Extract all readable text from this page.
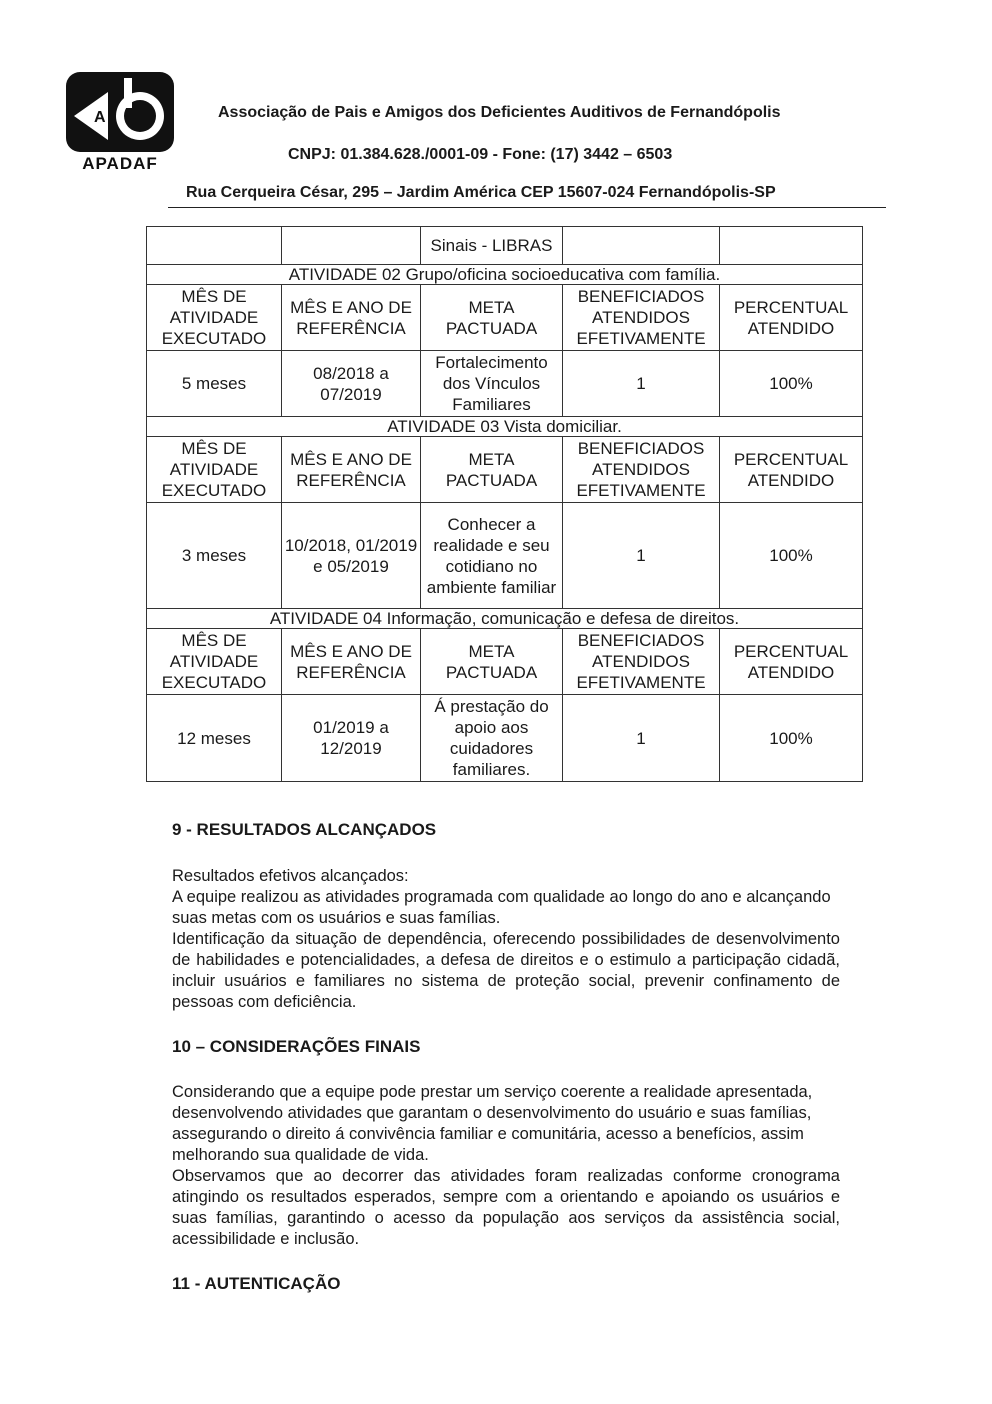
A
APADAF
Associação de Pais e Amigos dos Deficientes Auditivos de Fernandópolis
CNPJ: 01.384.628./0001-09 - Fone: (17) 3442 – 6503
Rua Cerqueira César, 295 – Jardim América CEP 15607-024 Fernandópolis-SP
		Sinais - LIBRAS		
ATIVIDADE 02 Grupo/oficina socioeducativa com família.				
MÊS DE ATIVIDADE EXECUTADO	MÊS E ANO DE REFERÊNCIA	META PACTUADA	BENEFICIADOS ATENDIDOS EFETIVAMENTE	PERCENTUAL ATENDIDO
5 meses	08/2018 a 07/2019	Fortalecimento dos Vínculos Familiares	1	100%
ATIVIDADE 03 Vista domiciliar.				
MÊS DE ATIVIDADE EXECUTADO	MÊS E ANO DE REFERÊNCIA	META PACTUADA	BENEFICIADOS ATENDIDOS EFETIVAMENTE	PERCENTUAL ATENDIDO
3 meses	10/2018, 01/2019 e 05/2019	Conhecer a realidade e seu cotidiano no ambiente familiar	1	100%
ATIVIDADE 04 Informação, comunicação e defesa de direitos.				
MÊS DE ATIVIDADE EXECUTADO	MÊS E ANO DE REFERÊNCIA	META PACTUADA	BENEFICIADOS ATENDIDOS EFETIVAMENTE	PERCENTUAL ATENDIDO
12 meses	01/2019 a 12/2019	Á prestação do apoio aos cuidadores familiares.	1	100%
9 - RESULTADOS ALCANÇADOS

Resultados efetivos alcançados:

A equipe realizou as atividades programada com qualidade ao longo do ano e alcançando suas metas com os usuários e suas famílias.

Identificação da situação de dependência, oferecendo possibilidades de desenvolvimento de habilidades e potencialidades, a defesa de direitos e o estimulo a participação cidadã, incluir usuários e familiares no sistema de proteção social, prevenir confinamento de pessoas com deficiência.

10 – CONSIDERAÇÕES FINAIS

Considerando que a equipe pode prestar um serviço coerente a realidade apresentada, desenvolvendo atividades que garantam o desenvolvimento do usuário e suas famílias, assegurando o direito á convivência familiar e comunitária, acesso a benefícios, assim melhorando sua qualidade de vida.

Observamos que ao decorrer das atividades foram realizadas conforme cronograma atingindo os resultados esperados, sempre com a orientando e apoiando os usuários e suas famílias, garantindo o acesso da população aos serviços da assistência social, acessibilidade e inclusão.

11 - AUTENTICAÇÃO
